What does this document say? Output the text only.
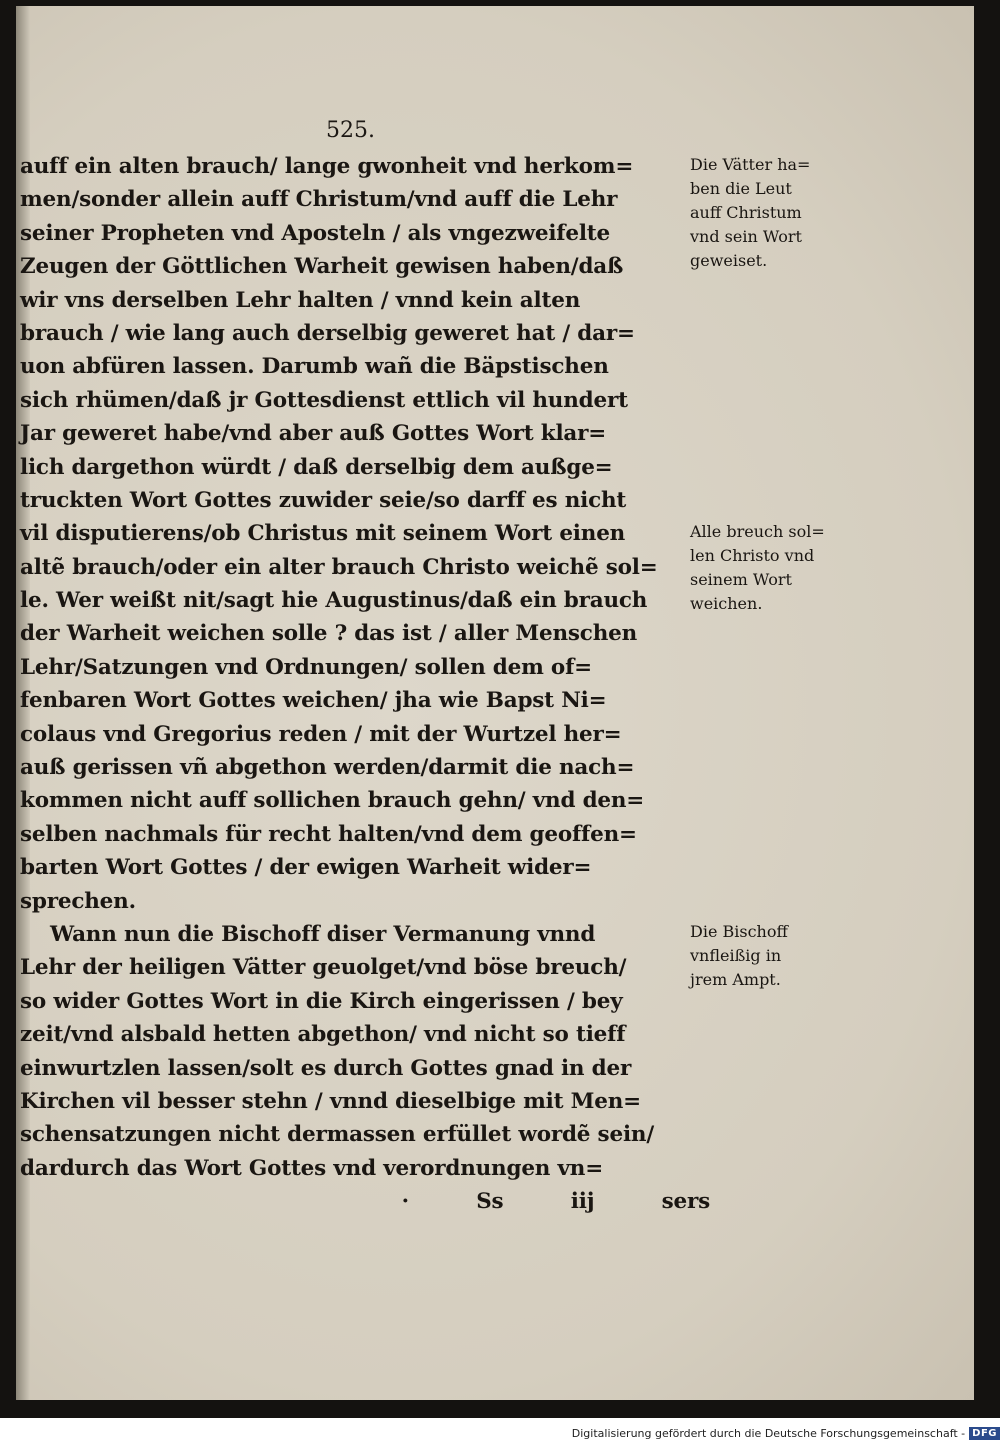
525.
auff ein alten brauch/ lange gwonheit vnd herkom=
men/sonder allein auff Christum/vnd auff die Lehr
seiner Propheten vnd Aposteln / als vngezweifelte
Zeugen der Göttlichen Warheit gewisen haben/daß
wir vns derselben Lehr halten / vnnd kein alten
brauch / wie lang auch derselbig geweret hat / dar=
uon abfüren lassen. Darumb wañ die Bäpstischen
sich rhümen/daß jr Gottesdienst ettlich vil hundert
Jar geweret habe/vnd aber auß Gottes Wort klar=
lich dargethon würdt / daß derselbig dem außge=
truckten Wort Gottes zuwider seie/so darff es nicht
vil disputierens/ob Christus mit seinem Wort einen
altẽ brauch/oder ein alter brauch Christo weichẽ sol=
le. Wer weißt nit/sagt hie Augustinus/daß ein brauch
der Warheit weichen solle ? das ist / aller Menschen
Lehr/Satzungen vnd Ordnungen/ sollen dem of=
fenbaren Wort Gottes weichen/ jha wie Bapst Ni=
colaus vnd Gregorius reden / mit der Wurtzel her=
auß gerissen vñ abgethon werden/darmit die nach=
kommen nicht auff sollichen brauch gehn/ vnd den=
selben nachmals für recht halten/vnd dem geoffen=
barten Wort Gottes / der ewigen Warheit wider=
sprechen.
Wann nun die Bischoff diser Vermanung vnnd
Lehr der heiligen Vätter geuolget/vnd böse breuch/
so wider Gottes Wort in die Kirch eingerissen / bey
zeit/vnd alsbald hetten abgethon/ vnd nicht so tieff
einwurtzlen lassen/solt es durch Gottes gnad in der
Kirchen vil besser stehn / vnnd dieselbige mit Men=
schensatzungen nicht dermassen erfüllet wordẽ sein/
dardurch das Wort Gottes vnd verordnungen vn=
·	Ss	iij	sers
Die Vätter ha=
ben die Leut
auff Christum
vnd sein Wort
geweiset.
Alle breuch sol=
len Christo vnd
seinem Wort
weichen.
Die Bischoff
vnfleißig in
jrem Ampt.
Digitalisierung gefördert durch die Deutsche Forschungsgemeinschaft - DFG
